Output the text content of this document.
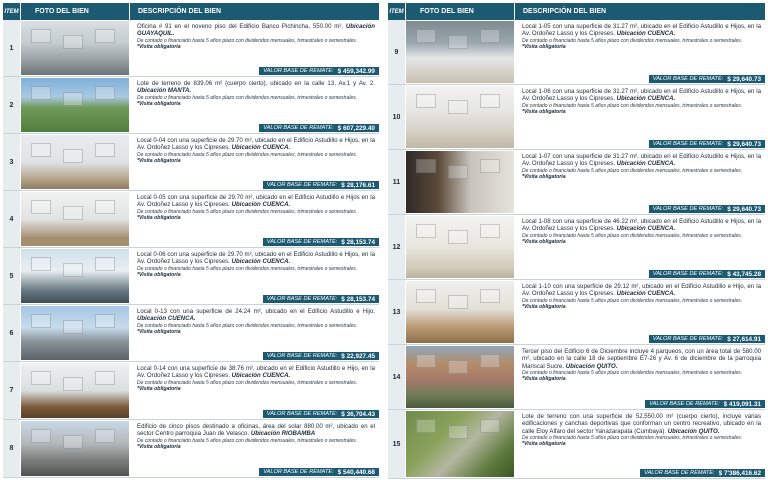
ITEM	FOTO DEL BIEN	DESCRIPCIÓN DEL BIEN
1
Oficina # 91 en el noveno piso del Edificio Banco Pichincha, 550.00 m². Ubicación GUAYAQUIL.
De contado o financiado hasta 5 años plazo con dividendos mensuales, trimestrales o semestrales.
*Visita obligatoria
VALOR BASE DE REMATE: $ 459,342.99
2
Lote de terreno de 839.06 m² (cuerpo cierto), ubicado en la calle 13, Av.1 y Av. 2. Ubicación MANTA.
De contado o financiado hasta 5 años plazo con dividendos mensuales, trimestrales o semestrales.
*Visita obligatoria
VALOR BASE DE REMATE: $ 607,229.40
3
Local 0-04 con una superficie de 29.70 m², ubicado en el Edificio Astudillo e Hijos, en la Av. Ordoñez Lasso y los Cipreses. Ubicación CUENCA.
De contado o financiado hasta 5 años plazo con dividendos mensuales, trimestrales o semestrales.
*Visita obligatoria
VALOR BASE DE REMATE: $ 28,176.61
4
Local 0-05 con una superficie de 29.70 m², ubicado en el Edificio Astudillo e Hijos en la Av. Ordoñez Lasso y los Cipreses. Ubicación CUENCA.
De contado o financiado hasta 5 años plazo con dividendos mensuales, trimestrales o semestrales.
*Visita obligatoria
VALOR BASE DE REMATE: $ 28,153.74
5
Local 0-06 con una superficie de 29.70 m², ubicado en el Edificio Astudillo e Hijos, en la Av. Ordoñez Lasso y los Cipreses. Ubicación CUENCA.
De contado o financiado hasta 5 años plazo con dividendos mensuales, trimestrales o semestrales.
*Visita obligatoria
VALOR BASE DE REMATE: $ 28,153.74
6
Local 0-13 con una superficie de 24.24 m², ubicado en el Edificio Astudillo e Hijo. Ubicación CUENCA.
De contado o financiado hasta 5 años plazo con dividendos mensuales, trimestrales o semestrales.
*Visita obligatoria
VALOR BASE DE REMATE: $ 22,927.45
7
Local 0-14 con una superficie de 38.76 m², ubicado en el Edificio Astudillo e Hijo, en la Av. Ordoñez Lasso y los Cipreses. Ubicación CUENCA.
De contado o financiado hasta 5 años plazo con dividendos mensuales, trimestrales o semestrales.
*Visita obligatoria
VALOR BASE DE REMATE: $ 36,704.43
8
Edificio de cinco pisos destinado a oficinas, área del solar 880.00 m², ubicado en el sector Centro parroquia Juan de Velasco. Ubicación RIOBAMBA
De contado o financiado hasta 5 años plazo con dividendos mensuales, trimestrales o semestrales.
*Visita obligatoria
VALOR BASE DE REMATE: $ 540,440.68
ITEM	FOTO DEL BIEN	DESCRIPCIÓN DEL BIEN
9
Local 1-05 con una superficie de 31.27 m², ubicado en el Edificio Astudillo e Hijos, en la Av. Ordoñez Lasso y los Cipreses. Ubicación CUENCA.
De contado o financiado hasta 5 años plazo con dividendos mensuales, trimestrales o semestrales.
*Visita obligatoria
VALOR BASE DE REMATE: $ 29,640.73
10
Local 1-06 con una superficie de 31.27 m², ubicado en el Edificio Astudillo e Hijos, en la Av. Ordoñez Lasso y los Cipreses. Ubicación CUENCA.
De contado o financiado hasta 5 años plazo con dividendos mensuales, trimestrales o semestrales.
*Visita obligatoria
VALOR BASE DE REMATE: $ 29,640.73
11
Local 1-07 con una superficie de 31.27 m², ubicado en el Edificio Astudillo e Hijos, en la Av. Ordoñez Lasso y los Cipreses. Ubicación CUENCA.
De contado o financiado hasta 5 años plazo con dividendos mensuales, trimestrales o semestrales.
*Visita obligatoria
VALOR BASE DE REMATE: $ 29,640.73
12
Local 1-08 con una superficie de 46.22 m², ubicado en el Edificio Astudillo e Hijos, en la Av. Ordoñez Lasso y los Cipreses. Ubicación CUENCA.
De contado o financiado hasta 5 años plazo con dividendos mensuales, trimestrales o semestrales.
*Visita obligatoria
VALOR BASE DE REMATE: $ 43,745.28
13
Local 1-10 con una superficie de 29.12 m², ubicado en el Edificio Astudillo e Hijo, en la Av. Ordoñez Lasso y los Cipreses. Ubicación CUENCA.
De contado o financiado hasta 5 años plazo con dividendos mensuales, trimestrales o semestrales.
*Visita obligatoria
VALOR BASE DE REMATE: $ 27,614.91
14
Tercer piso del Edificio 6 de Diciembre incluye 4 parqueos, con un área total de 580.00 m², ubicado en la calle 18 de septiembre E7-26 y Av. 6 de diciembre de la parroquia Mariscal Sucre. Ubicación QUITO.
De contado o financiado hasta 5 años plazo con dividendos mensuales, trimestrales o semestrales.
*Visita obligatoria
VALOR BASE DE REMATE: $ 419,091.31
15
Lote de terreno con una superficie de 52,550.00 m² (cuerpo cierto), incluye varias edificaciones y canchas deportivas que conforman un centro recreativo, ubicado en la calle Eloy Alfaro del sector Yanazarapata (Cumbayá). Ubicación QUITO.
De contado o financiado hasta 5 años plazo con dividendos mensuales, trimestrales o semestrales.
*Visita obligatoria
VALOR BASE DE REMATE: $ 7'386,416.62
